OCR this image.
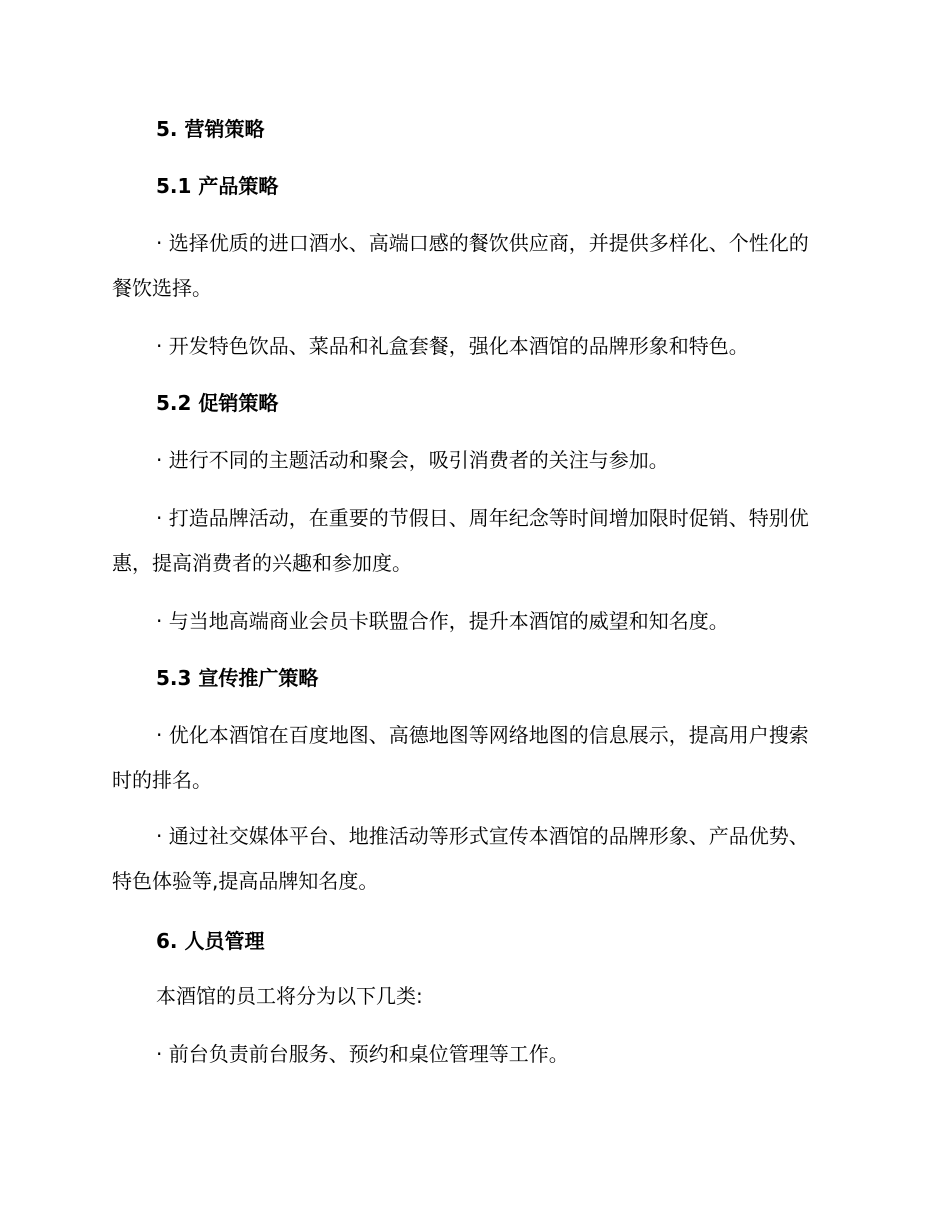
5. 营销策略
5.1 产品策略

· 选择优质的进口酒水、高端口感的餐饮供应商，并提供多样化、个性化的餐饮选择。

· 开发特色饮品、菜品和礼盒套餐，强化本酒馆的品牌形象和特色。

5.2 促销策略

· 进行不同的主题活动和聚会，吸引消费者的关注与参加。

· 打造品牌活动，在重要的节假日、周年纪念等时间增加限时促销、特别优惠，提高消费者的兴趣和参加度。

· 与当地高端商业会员卡联盟合作，提升本酒馆的威望和知名度。

5.3 宣传推广策略

· 优化本酒馆在百度地图、高德地图等网络地图的信息展示，提高用户搜索时的排名。

· 通过社交媒体平台、地推活动等形式宣传本酒馆的品牌形象、产品优势、特色体验等,提高品牌知名度。

6. 人员管理

本酒馆的员工将分为以下几类:

· 前台负责前台服务、预约和桌位管理等工作。
